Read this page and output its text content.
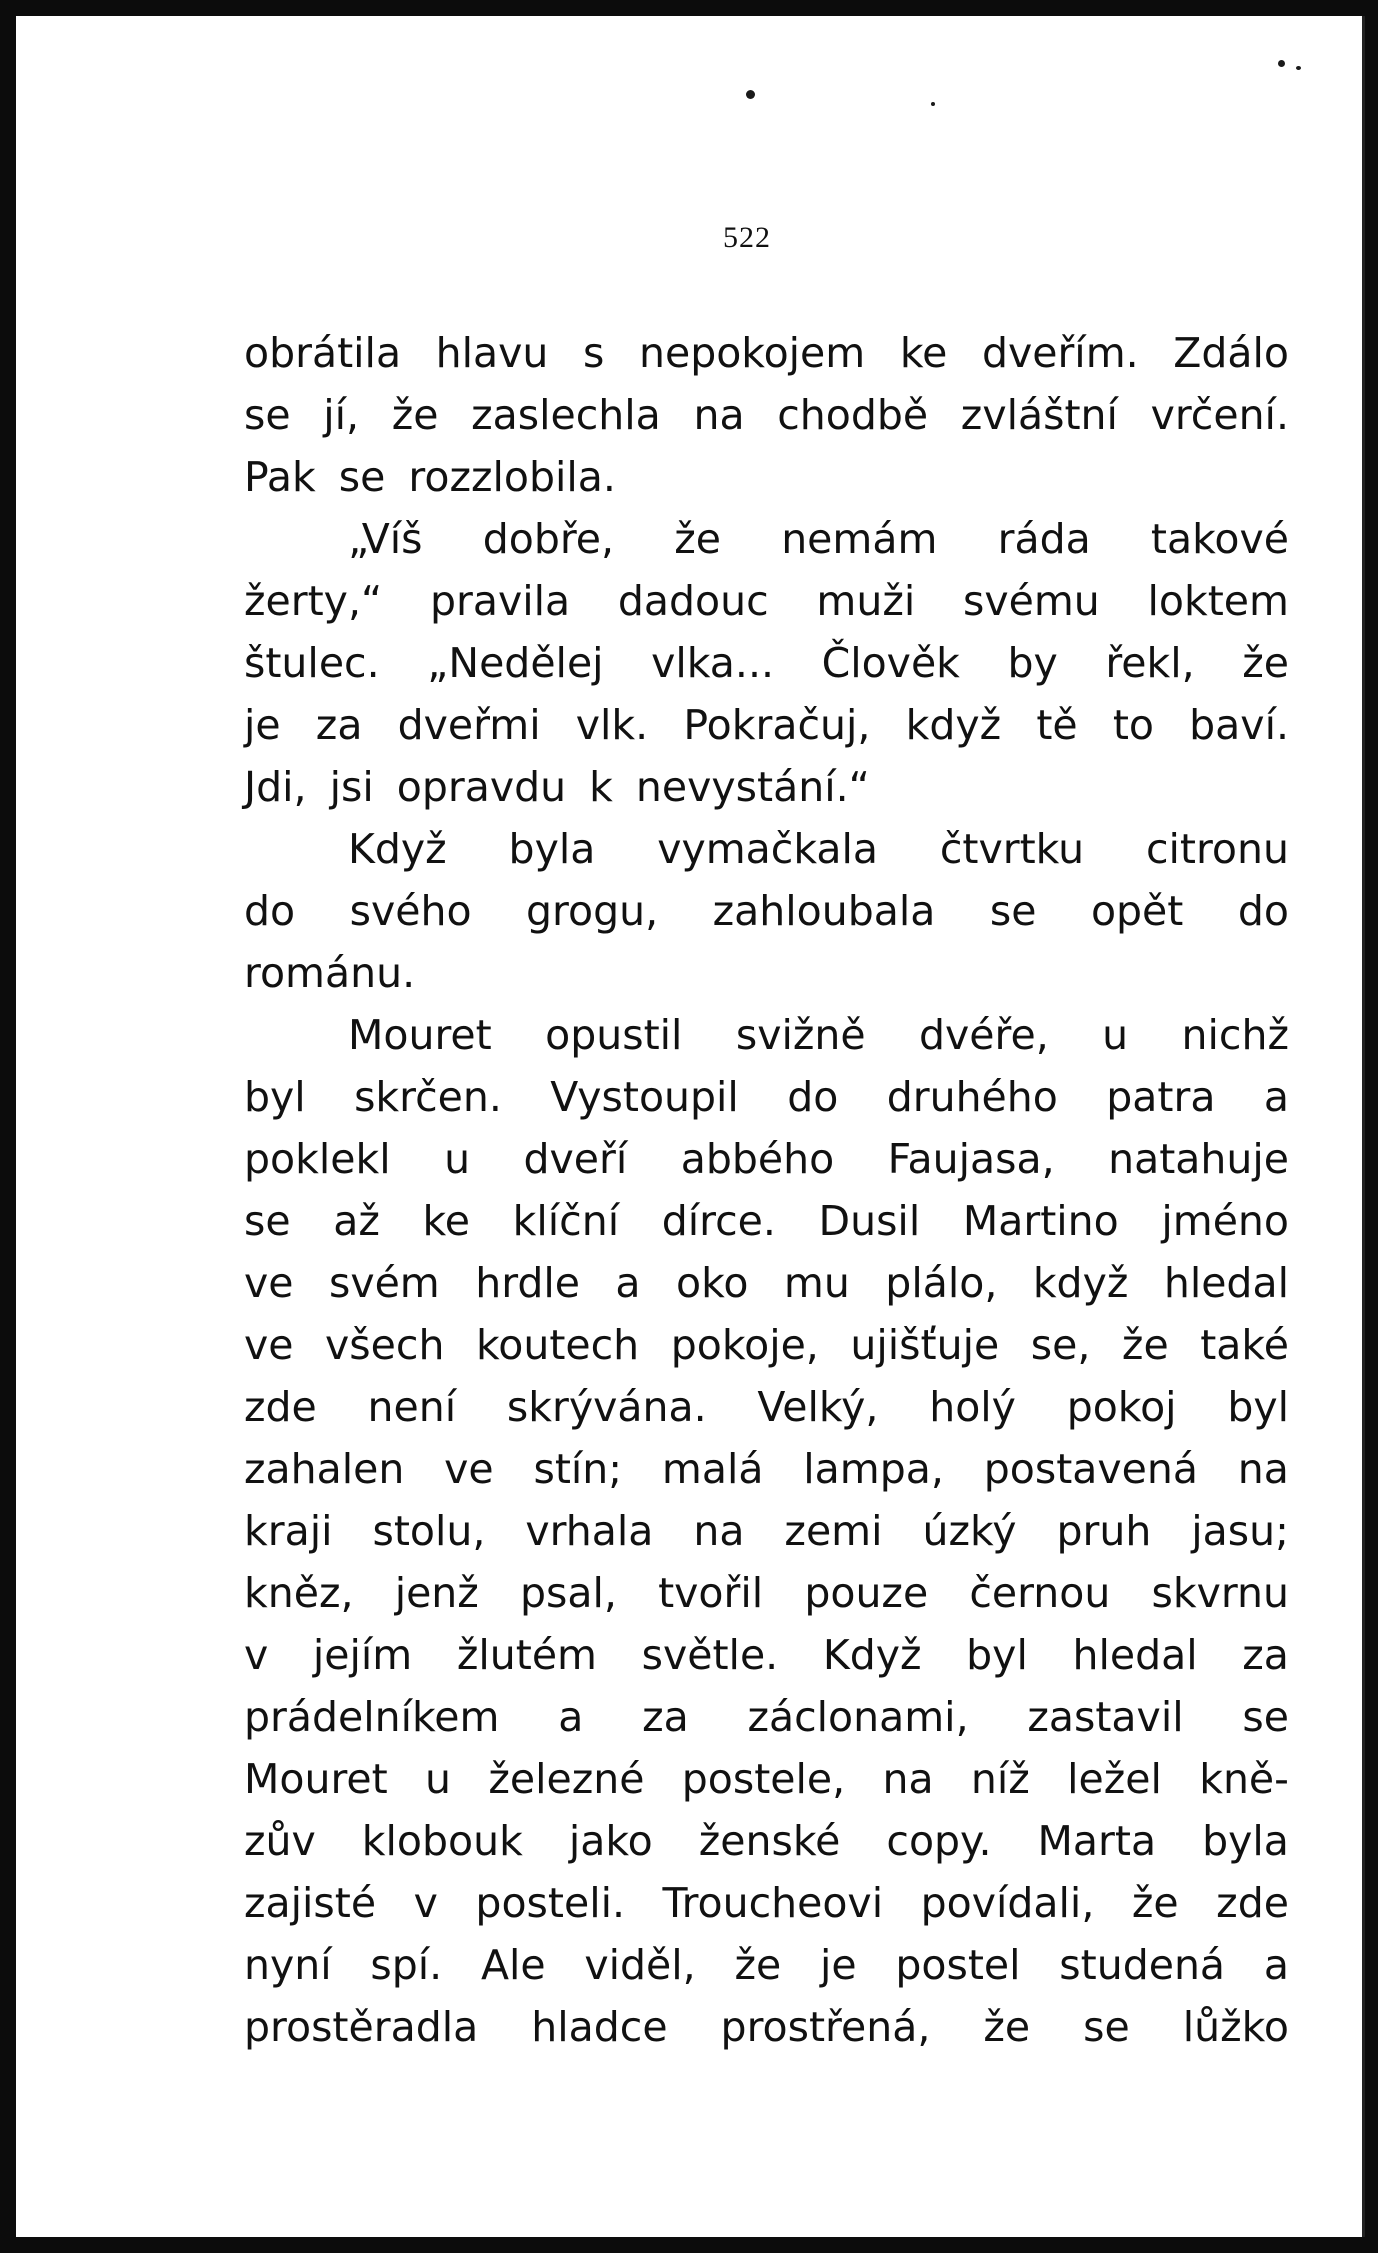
522
obrátila hlavu s nepokojem ke dveřím. Zdálo
se jí, že zaslechla na chodbě zvláštní vrčení.
Pak se rozzlobila.
„Víš dobře, že nemám ráda takové
žerty,“ pravila dadouc muži svému loktem
štulec. „Nedělej vlka... Člověk by řekl, že
je za dveřmi vlk. Pokračuj, když tě to baví.
Jdi, jsi opravdu k nevystání.“
Když byla vymačkala čtvrtku citronu
do svého grogu, zahloubala se opět do
románu.
Mouret opustil svižně dvéře, u nichž
byl skrčen. Vystoupil do druhého patra a
poklekl u dveří abbého Faujasa, natahuje
se až ke klíční dírce. Dusil Martino jméno
ve svém hrdle a oko mu plálo, když hledal
ve všech koutech pokoje, ujišťuje se, že také
zde není skrývána. Velký, holý pokoj byl
zahalen ve stín; malá lampa, postavená na
kraji stolu, vrhala na zemi úzký pruh jasu;
kněz, jenž psal, tvořil pouze černou skvrnu
v jejím žlutém světle. Když byl hledal za
prádelníkem a za záclonami, zastavil se
Mouret u železné postele, na níž ležel kně-
zův klobouk jako ženské copy. Marta byla
zajisté v posteli. Troucheovi povídali, že zde
nyní spí. Ale viděl, že je postel studená a
prostěradla hladce prostřená, že se lůžko
